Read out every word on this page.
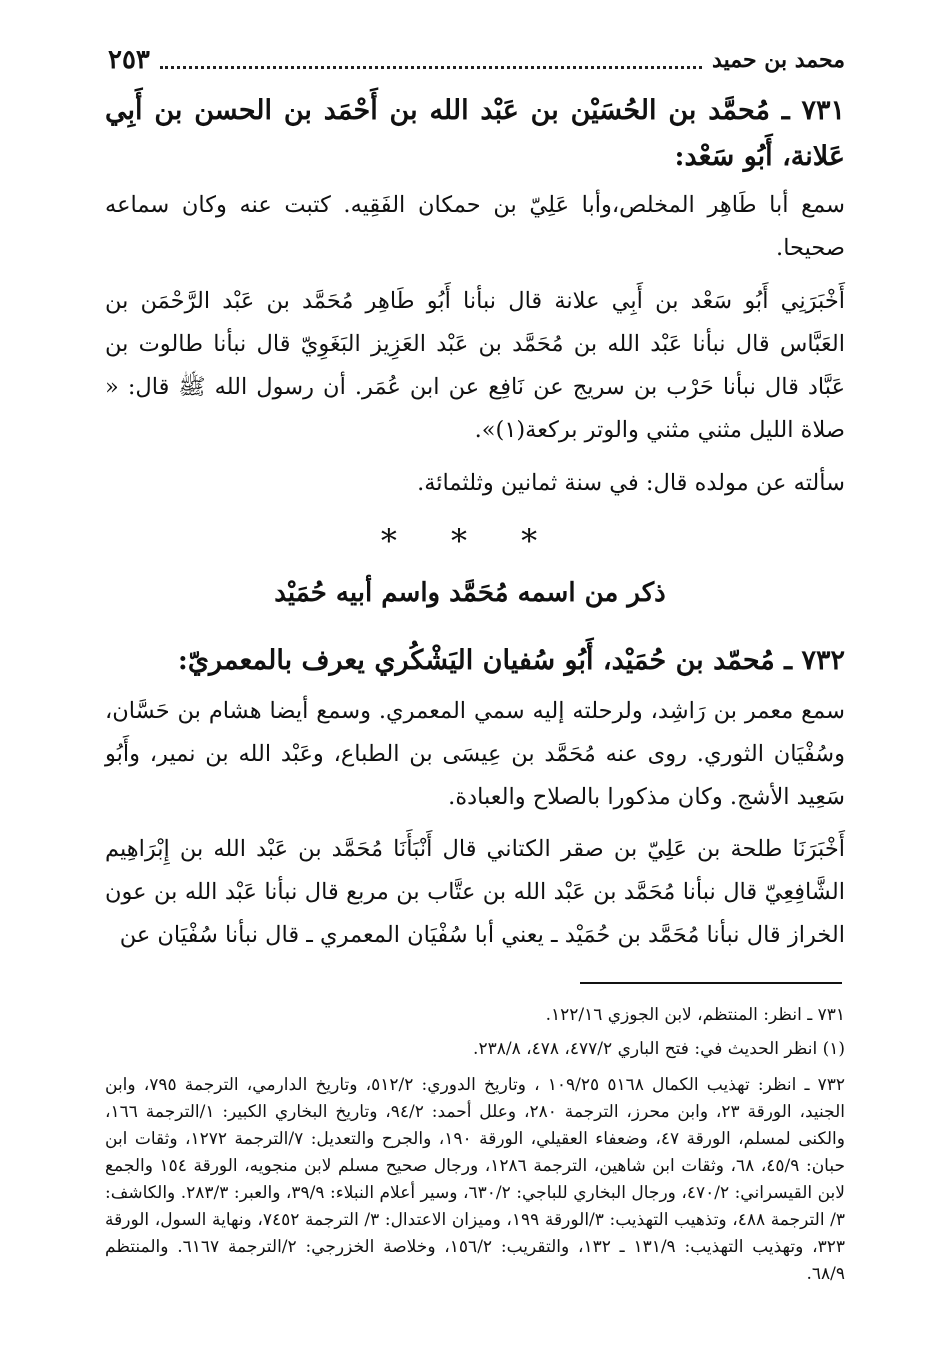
محمد بن حميد
٢٥٣
٧٣١ ـ مُحمَّد بن الحُسَيْن بن عَبْد الله بن أَحْمَد بن الحسن بن أَبِي عَلانة، أَبُو سَعْد:
سمع أبا طَاهِر المخلص،وأبا عَلِيّ بن حمكان الفَقِيه. كتبت عنه وكان سماعه صحيحا.
أَخْبَرَنِي أَبُو سَعْد بن أَبِي علانة قال نبأنا أَبُو طَاهِر مُحَمَّد بن عَبْد الرَّحْمَن بن العَبَّاس قال نبأنا عَبْد الله بن مُحَمَّد بن عَبْد العَزِيز البَغَوِيّ قال نبأنا طالوت بن عَبَّاد قال نبأنا حَرْب بن سريج عن نَافِع عن ابن عُمَر. أن رسول الله ﷺ قال: « صلاة الليل مثني مثني والوتر بركعة(١)».
سألته عن مولده قال: في سنة ثمانين وثلثمائة.
* * *
ذكر من اسمه مُحَمَّد واسم أبيه حُمَيْد
٧٣٢ ـ مُحمّد بن حُمَيْد، أَبُو سُفيان اليَشْكُري يعرف بالمعمريّ:
سمع معمر بن رَاشِد، ولرحلته إليه سمي المعمري. وسمع أيضا هشام بن حَسَّان، وسُفْيَان الثوري. روى عنه مُحَمَّد بن عِيسَى بن الطباع، وعَبْد الله بن نمير، وأَبُو سَعِيد الأشج. وكان مذكورا بالصلاح والعبادة.
أَخْبَرَنَا طلحة بن عَلِيّ بن صقر الكتاني قال أَنْبَأَنَا مُحَمَّد بن عَبْد الله بن إِبْرَاهِيم الشَّافِعِيّ قال نبأنا مُحَمَّد بن عَبْد الله بن عتَّاب بن مربع قال نبأنا عَبْد الله بن عون الخراز قال نبأنا مُحَمَّد بن حُمَيْد ـ يعني أبا سُفْيَان المعمري ـ قال نبأنا سُفْيَان عن
٧٣١ ـ انظر: المنتظم، لابن الجوزي ١٢٢/١٦.
(١) انظر الحديث في: فتح الباري ٤٧٧/٢، ٤٧٨، ٢٣٨/٨.
٧٣٢ ـ انظر: تهذيب الكمال ٥١٦٨ ١٠٩/٢٥ ، وتاريخ الدوري: ٥١٢/٢، وتاريخ الدارمي، الترجمة ٧٩٥، وابن الجنيد، الورقة ٢٣، وابن محرز، الترجمة ٢٨٠، وعلل أحمد: ٩٤/٢، وتاريخ البخاري الكبير: ١/الترجمة ١٦٦، والكنى لمسلم، الورقة ٤٧، وضعفاء العقيلي، الورقة ١٩٠، والجرح والتعديل: ٧/الترجمة ١٢٧٢، وثقات ابن حبان: ٤٥/٩، ٦٨، وثقات ابن شاهين، الترجمة ١٢٨٦، ورجال صحيح مسلم لابن منجويه، الورقة ١٥٤ والجمع لابن القيسراني: ٤٧٠/٢، ورجال البخاري للباجي: ٦٣٠/٢، وسير أعلام النبلاء: ٣٩/٩، والعبر: ٢٨٣/٣. والكاشف: ٣/ الترجمة ٤٨٨، وتذهيب التهذيب: ٣/الورقة ١٩٩، وميزان الاعتدال: ٣/ الترجمة ٧٤٥٢، ونهاية السول، الورقة ٣٢٣، وتهذيب التهذيب: ١٣١/٩ ـ ١٣٢، والتقريب: ١٥٦/٢، وخلاصة الخزرجي: ٢/الترجمة ٦١٦٧. والمنتظم ٦٨/٩.
